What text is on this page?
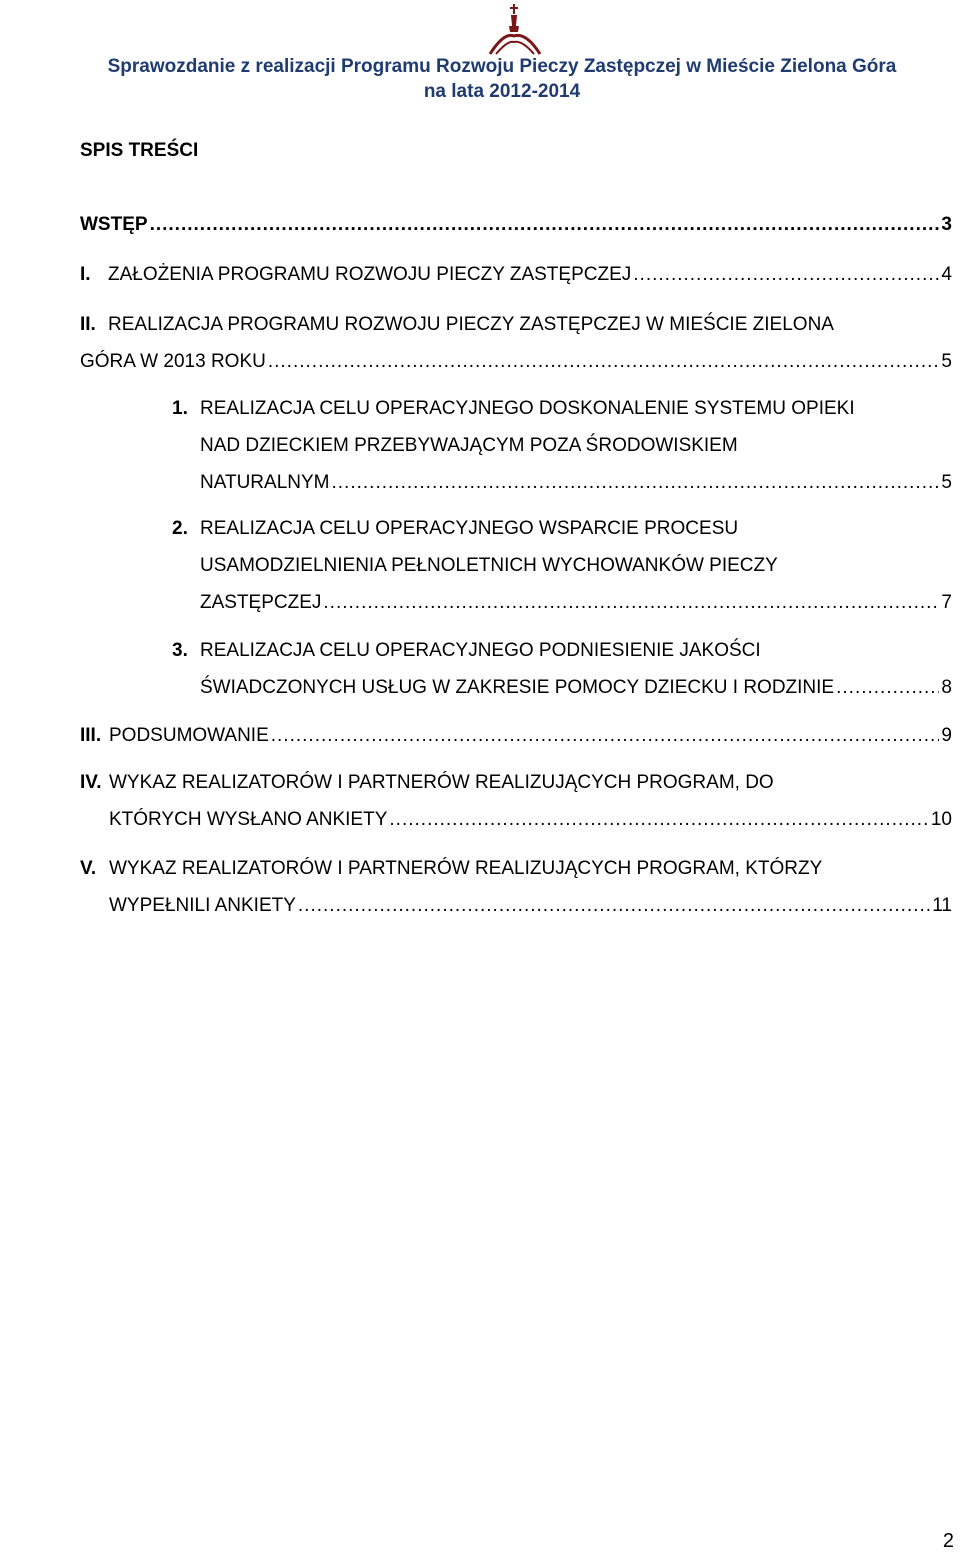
Sprawozdanie z realizacji Programu Rozwoju Pieczy Zastępczej w Mieście Zielona Góra
na lata 2012-2014
SPIS TREŚCI
WSTĘP .....	3
I. ZAŁOŻENIA PROGRAMU ROZWOJU PIECZY ZASTĘPCZEJ .....	4
II. REALIZACJA PROGRAMU ROZWOJU PIECZY ZASTĘPCZEJ W MIEŚCIE ZIELONA
GÓRA W 2013 ROKU .....	5
1. REALIZACJA CELU OPERACYJNEGO DOSKONALENIE SYSTEMU OPIEKI
NAD DZIECKIEM PRZEBYWAJĄCYM POZA ŚRODOWISKIEM
NATURALNYM .....	5
2. REALIZACJA CELU OPERACYJNEGO WSPARCIE PROCESU
USAMODZIELNIENIA PEŁNOLETNICH WYCHOWANKÓW PIECZY
ZASTĘPCZEJ .....	7
3. REALIZACJA CELU OPERACYJNEGO PODNIESIENIE JAKOŚCI
ŚWIADCZONYCH USŁUG W ZAKRESIE POMOCY DZIECKU I RODZINIE .....	8
III. PODSUMOWANIE .....	9
IV. WYKAZ REALIZATORÓW I PARTNERÓW REALIZUJĄCYCH PROGRAM, DO
KTÓRYCH WYSŁANO ANKIETY .....	10
V. WYKAZ REALIZATORÓW I PARTNERÓW REALIZUJĄCYCH PROGRAM, KTÓRZY
WYPEŁNILI ANKIETY .....	11
2
